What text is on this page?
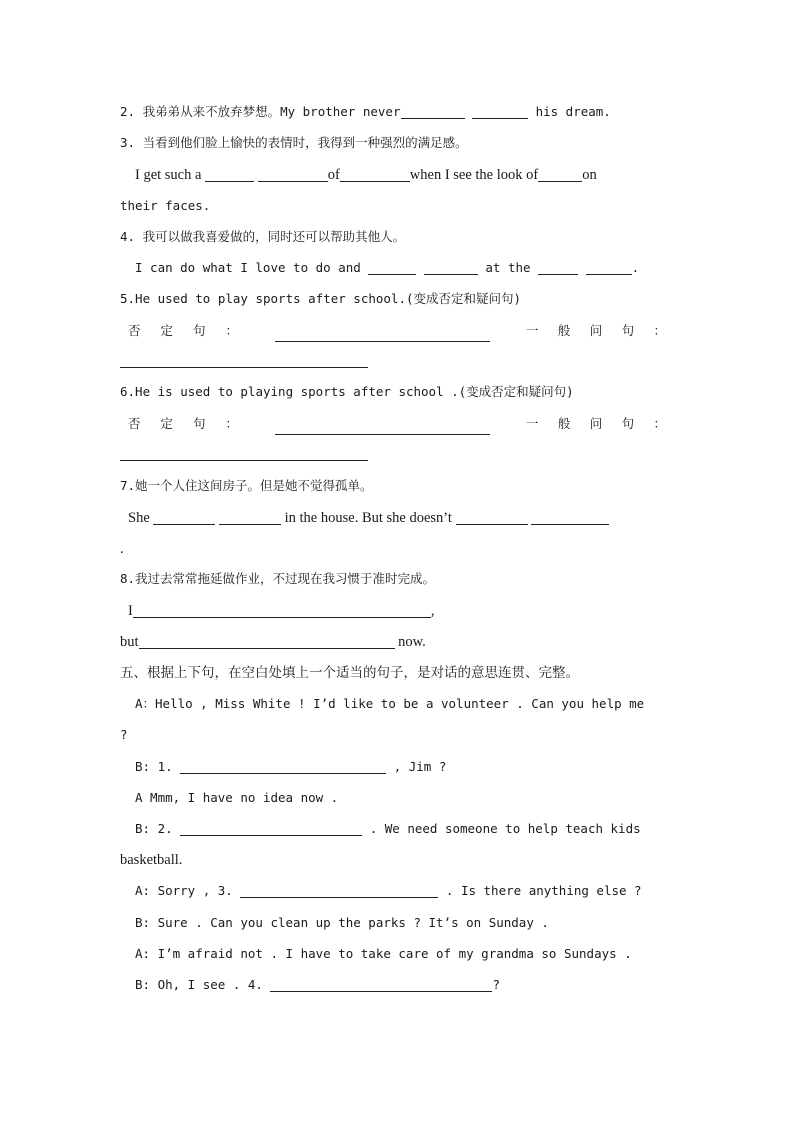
2. 我弟弟从来不放弃梦想。My brother never	his dream.
3. 当看到他们脸上愉快的表情时，我得到一种强烈的满足感。
I get such a	of	when I see the look of	on
their faces.
4. 我可以做我喜爱做的，同时还可以帮助其他人。
I can do what I love to do and	at the	.
5.He used to play sports after school.(变成否定和疑问句)
否 定 句 ：	一 般 问 句 ：
6.He is used to playing sports after school .(变成否定和疑问句)
否 定 句 ：	一 般 问 句 ：
7.她一个人住这间房子。但是她不觉得孤单。
She	in the house. But she doesn’t
.
8.我过去常常拖延做作业，不过现在我习惯于准时完成。
I	,
but	now.
五、根据上下句，在空白处填上一个适当的句子，是对话的意思连贯、完整。
A：Hello , Miss White ! I’d like to be a volunteer . Can you help me
?
B: 1.	, Jim ?
A Mmm, I have no idea now .
B: 2.	. We need someone to help teach kids
basketball.
A: Sorry , 3.	. Is there anything else ?
B: Sure . Can you clean up the parks ? It’s on Sunday .
A: I’m afraid not . I have to take care of my grandma so Sundays .
B: Oh, I see . 4.	?
